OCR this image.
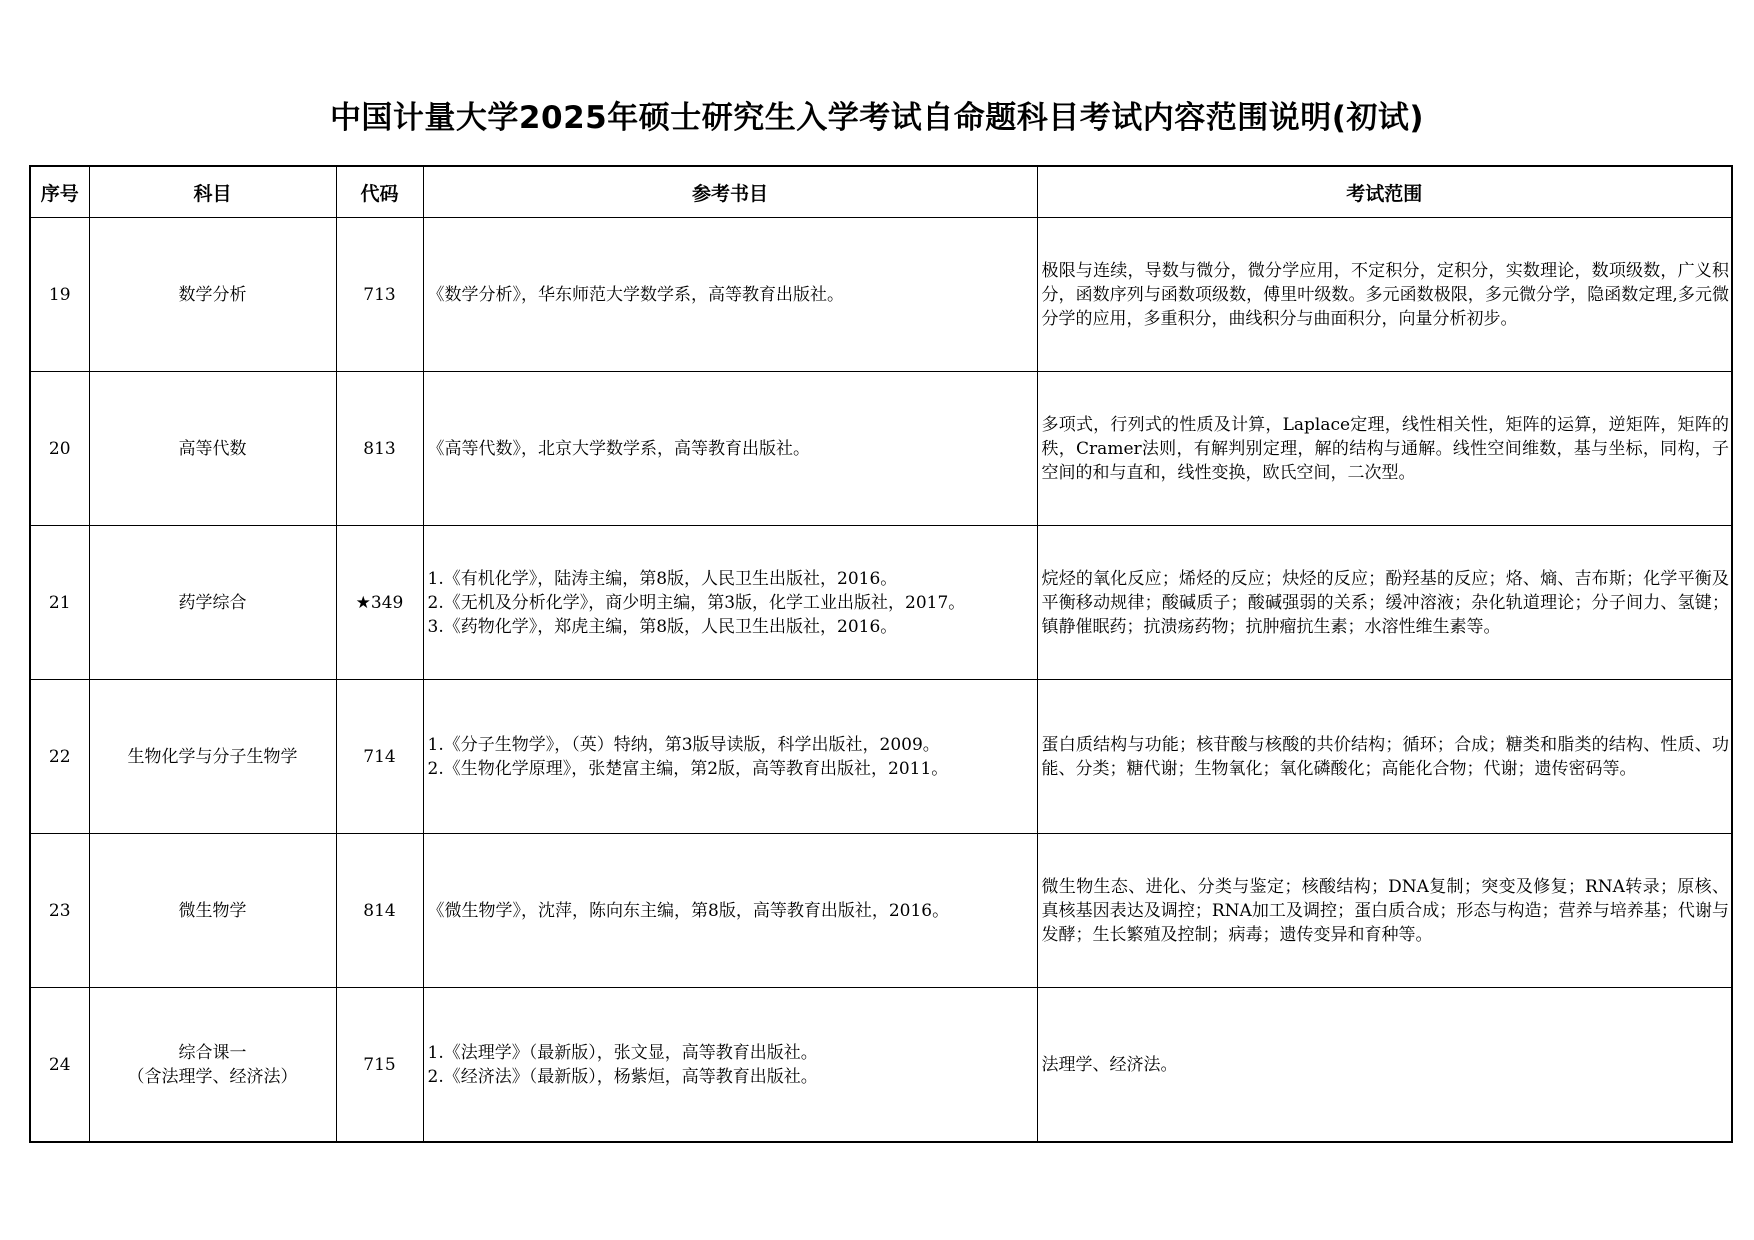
中国计量大学2025年硕士研究生入学考试自命题科目考试内容范围说明(初试)
序号	科目	代码	参考书目	考试范围
19	数学分析	713	《数学分析》，华东师范大学数学系，高等教育出版社。	极限与连续，导数与微分，微分学应用，不定积分，定积分，实数理论，数项级数，广义积分，函数序列与函数项级数，傅里叶级数。多元函数极限，多元微分学，隐函数定理,多元微分学的应用，多重积分，曲线积分与曲面积分，向量分析初步。
20	高等代数	813	《高等代数》，北京大学数学系，高等教育出版社。	多项式，行列式的性质及计算，Laplace定理，线性相关性，矩阵的运算，逆矩阵，矩阵的秩，Cramer法则，有解判别定理，解的结构与通解。线性空间维数，基与坐标，同构，子空间的和与直和，线性变换，欧氏空间，二次型。
21	药学综合	★349	1.《有机化学》，陆涛主编，第8版，人民卫生出版社，2016。
2.《无机及分析化学》，商少明主编，第3版，化学工业出版社，2017。
3.《药物化学》，郑虎主编，第8版，人民卫生出版社，2016。	烷烃的氧化反应；烯烃的反应；炔烃的反应；酚羟基的反应；烙、熵、吉布斯；化学平衡及平衡移动规律；酸碱质子；酸碱强弱的关系；缓冲溶液；杂化轨道理论；分子间力、氢键；镇静催眠药；抗溃疡药物；抗肿瘤抗生素；水溶性维生素等。
22	生物化学与分子生物学	714	1.《分子生物学》，（英）特纳，第3版导读版，科学出版社，2009。
2.《生物化学原理》，张楚富主编，第2版，高等教育出版社，2011。	蛋白质结构与功能；核苷酸与核酸的共价结构；循环；合成；糖类和脂类的结构、性质、功能、分类；糖代谢；生物氧化；氧化磷酸化；高能化合物；代谢；遗传密码等。
23	微生物学	814	《微生物学》，沈萍，陈向东主编，第8版，高等教育出版社，2016。	微生物生态、进化、分类与鉴定；核酸结构；DNA复制；突变及修复；RNA转录；原核、真核基因表达及调控；RNA加工及调控；蛋白质合成；形态与构造；营养与培养基；代谢与发酵；生长繁殖及控制；病毒；遗传变异和育种等。
24	综合课一
（含法理学、经济法）	715	1.《法理学》（最新版），张文显，高等教育出版社。
2.《经济法》（最新版），杨紫烜，高等教育出版社。	法理学、经济法。
